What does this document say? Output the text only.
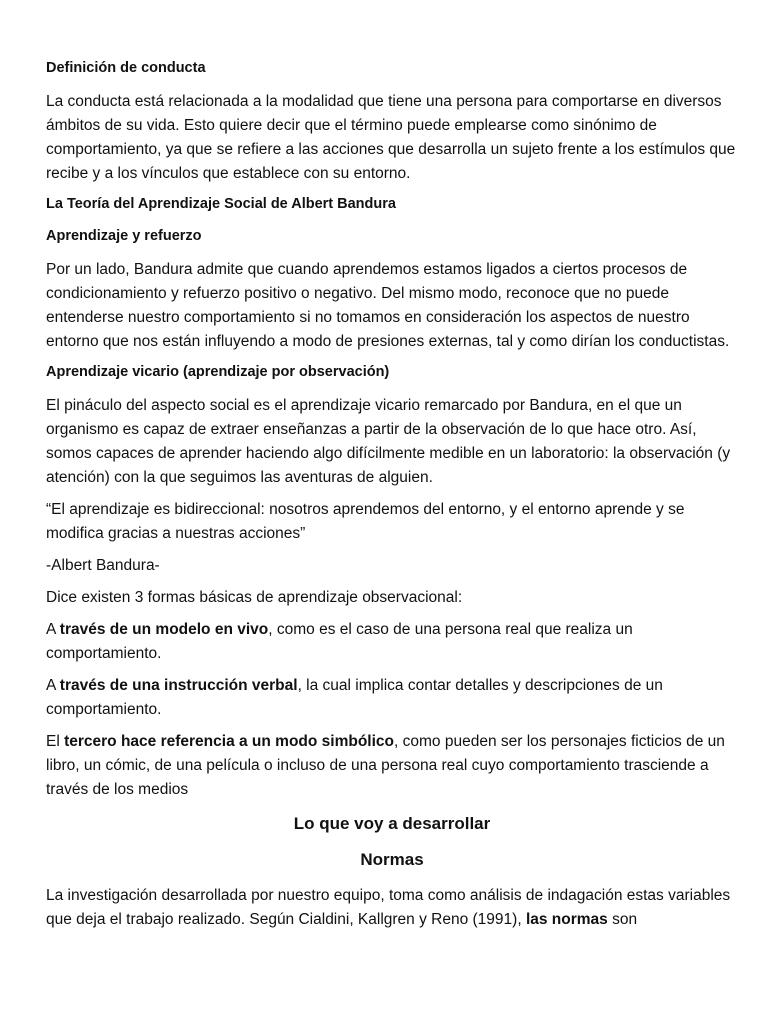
Definición de conducta

La conducta está relacionada a la modalidad que tiene una persona para comportarse en diversos ámbitos de su vida. Esto quiere decir que el término puede emplearse como sinónimo de comportamiento, ya que se refiere a las acciones que desarrolla un sujeto frente a los estímulos que recibe y a los vínculos que establece con su entorno.

La Teoría del Aprendizaje Social de Albert Bandura
Aprendizaje y refuerzo

Por un lado, Bandura admite que cuando aprendemos estamos ligados a ciertos procesos de condicionamiento y refuerzo positivo o negativo. Del mismo modo, reconoce que no puede entenderse nuestro comportamiento si no tomamos en consideración los aspectos de nuestro entorno que nos están influyendo a modo de presiones externas, tal y como dirían los conductistas.

Aprendizaje vicario (aprendizaje por observación)

El pináculo del aspecto social es el aprendizaje vicario remarcado por Bandura, en el que un organismo es capaz de extraer enseñanzas a partir de la observación de lo que hace otro. Así, somos capaces de aprender haciendo algo difícilmente medible en un laboratorio: la observación (y atención) con la que seguimos las aventuras de alguien.

“El aprendizaje es bidireccional: nosotros aprendemos del entorno, y el entorno aprende y se modifica gracias a nuestras acciones”

-Albert Bandura-

Dice existen 3 formas básicas de aprendizaje observacional:

A través de un modelo en vivo, como es el caso de una persona real que realiza un comportamiento.

A través de una instrucción verbal, la cual implica contar detalles y descripciones de un comportamiento.

El tercero hace referencia a un modo simbólico, como pueden ser los personajes ficticios de un libro, un cómic, de una película o incluso de una persona real cuyo comportamiento trasciende a través de los medios

Lo que voy a desarrollar
Normas

La investigación desarrollada por nuestro equipo, toma como análisis de indagación estas variables que deja el trabajo realizado. Según Cialdini, Kallgren y Reno (1991), las normas son
